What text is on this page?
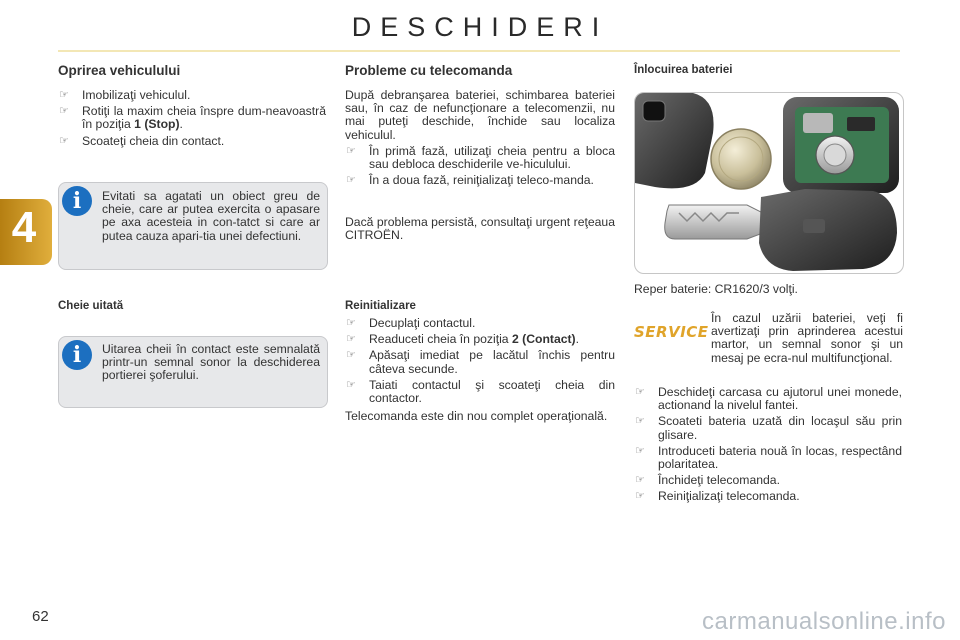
DESCHIDERI
4
Oprirea vehiculului
☞ Imobilizaţi vehiculul.
☞ Rotiţi la maxim cheia înspre dum-neavoastră în poziţia 1 (Stop).
☞ Scoateţi cheia din contact.
i	Evitati sa agatati un obiect greu de cheie, care ar putea exercita o apasare pe axa acesteia in con-tatct si care ar putea cauza apari-tia unei defectiuni.
Cheie uitată
i	Uitarea cheii în contact este semnalată printr-un semnal sonor la deschiderea portierei şoferului.
Probleme cu telecomanda
După debranşarea bateriei, schimbarea bateriei sau, în caz de nefuncţionare a telecomenzii, nu mai puteţi deschide, închide sau localiza vehiculul.
☞ În primă fază, utilizaţi cheia pentru a bloca sau debloca deschiderile ve-hiculului.
☞ În a doua fază, reiniţializaţi teleco-manda.
Dacă problema persistă, consultaţi urgent reţeaua CITROËN.
Reinitializare
☞ Decuplaţi contactul.
☞ Readuceti cheia în poziţia 2 (Contact).
☞ Apăsaţi imediat pe lacătul închis pentru câteva secunde.
☞ Taiati contactul şi scoateţi cheia din contactor.
Telecomanda este din nou complet operaţională.
Înlocuirea bateriei
Reper baterie: CR1620/3 volţi.
SERVICE
În cazul uzării bateriei, veţi fi avertizaţi prin aprinderea acestui martor, un semnal sonor şi un mesaj pe ecra-nul multifuncţional.
☞ Deschideţi carcasa cu ajutorul unei monede, actionand la nivelul fantei.
☞ Scoateti bateria uzată din locaşul său prin glisare.
☞ Introduceti bateria nouă în locas, respectând polaritatea.
☞ Închideţi telecomanda.
☞ Reiniţializaţi telecomanda.
62	carmanualsonline.info
